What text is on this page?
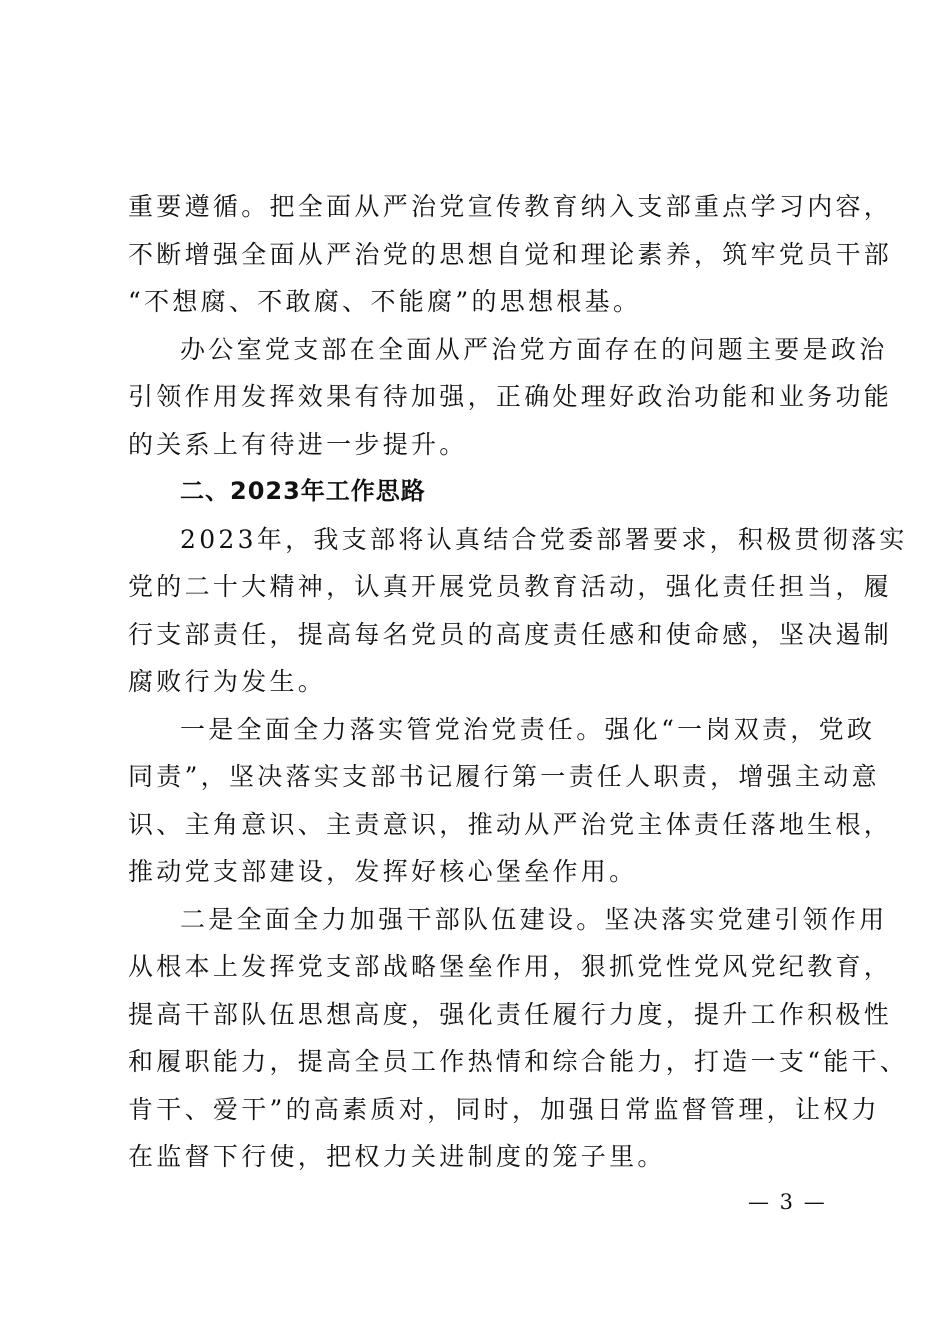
重要遵循。把全面从严治党宣传教育纳入支部重点学习内容，
不断增强全面从严治党的思想自觉和理论素养，筑牢党员干部
“不想腐、不敢腐、不能腐”的思想根基。
办公室党支部在全面从严治党方面存在的问题主要是政治
引领作用发挥效果有待加强，正确处理好政治功能和业务功能
的关系上有待进一步提升。
二、2023年工作思路
2023年，我支部将认真结合党委部署要求，积极贯彻落实
党的二十大精神，认真开展党员教育活动，强化责任担当，履
行支部责任，提高每名党员的高度责任感和使命感，坚决遏制
腐败行为发生。
一是全面全力落实管党治党责任。强化“一岗双责，党政
同责”，坚决落实支部书记履行第一责任人职责，增强主动意
识、主角意识、主责意识，推动从严治党主体责任落地生根，
推动党支部建设，发挥好核心堡垒作用。
二是全面全力加强干部队伍建设。坚决落实党建引领作用
从根本上发挥党支部战略堡垒作用，狠抓党性党风党纪教育，
提高干部队伍思想高度，强化责任履行力度，提升工作积极性
和履职能力，提高全员工作热情和综合能力，打造一支“能干、
肯干、爱干”的高素质对，同时，加强日常监督管理，让权力
在监督下行使，把权力关进制度的笼子里。
— 3 —
